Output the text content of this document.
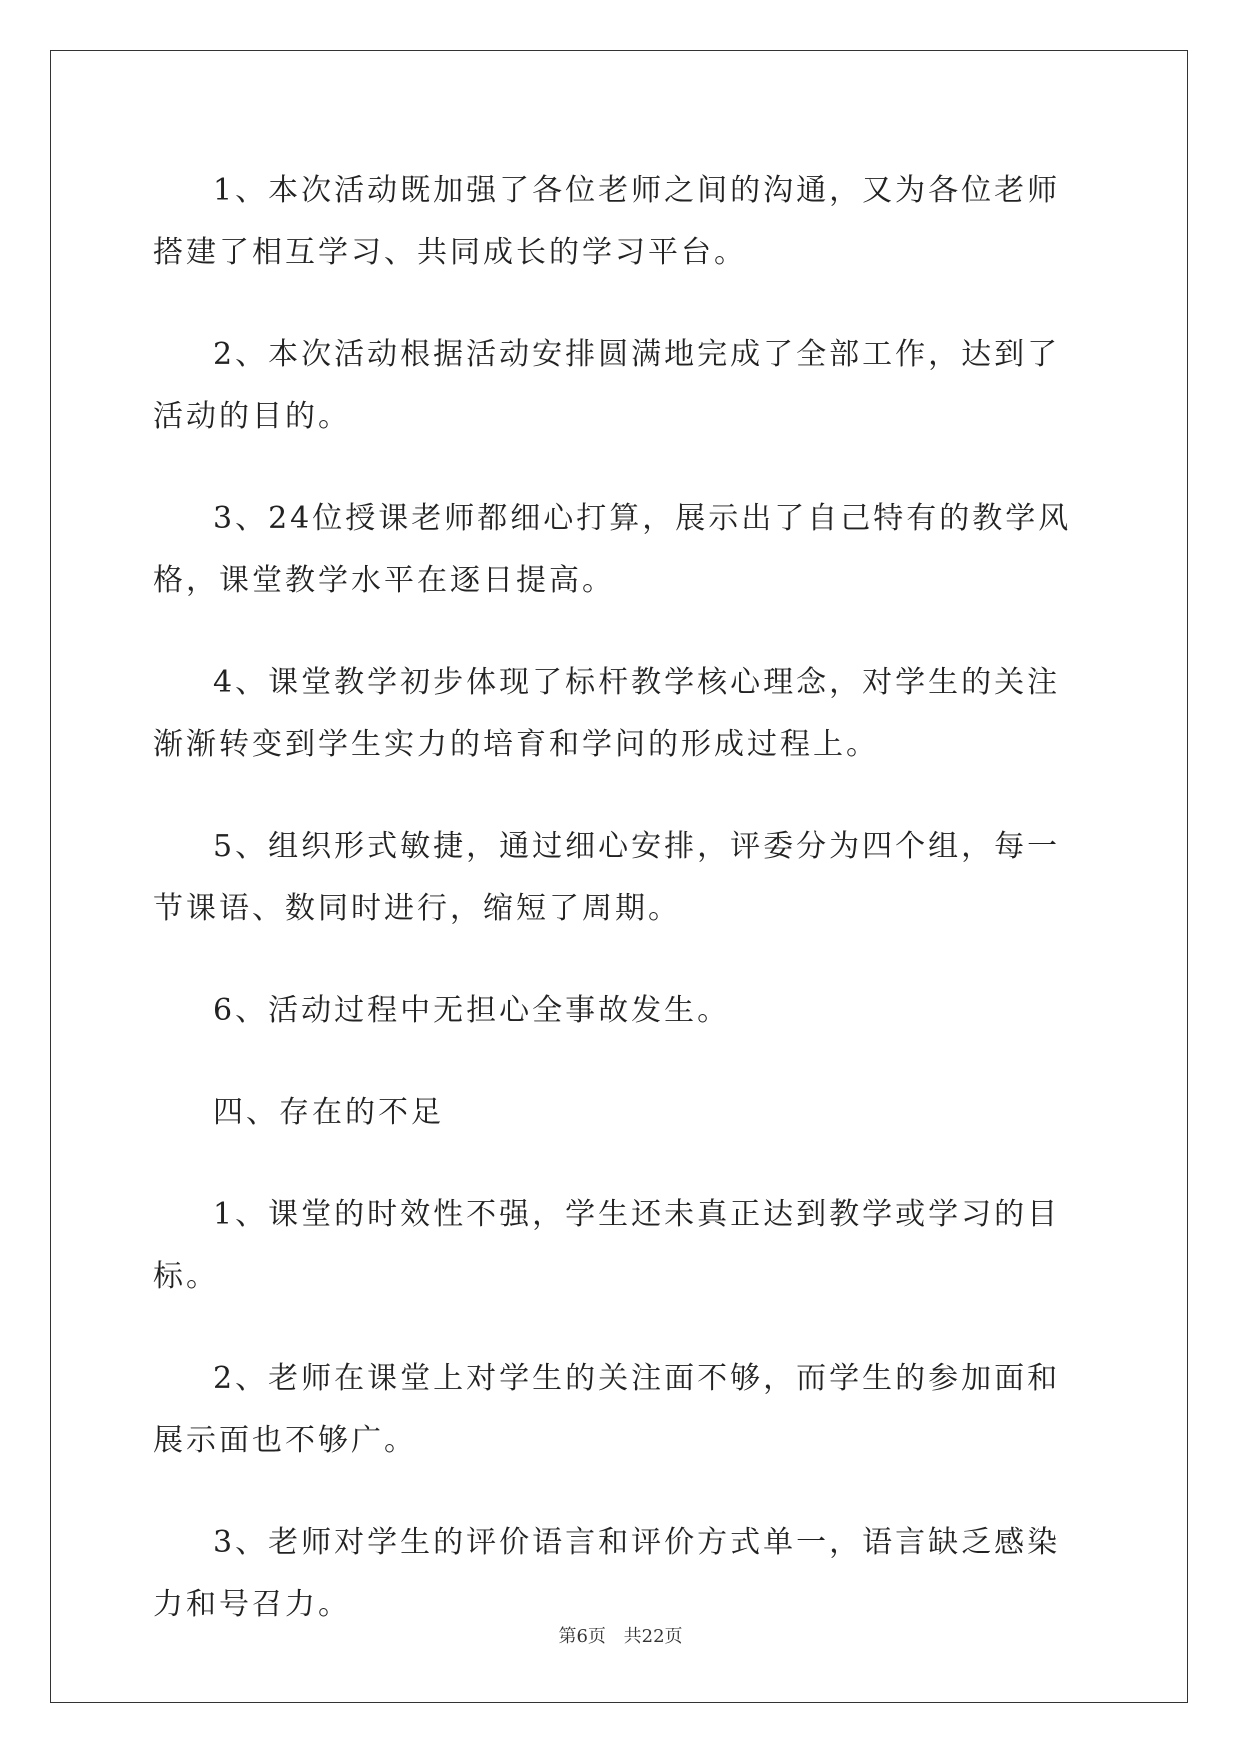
1、本次活动既加强了各位老师之间的沟通，又为各位老师搭建了相互学习、共同成长的学习平台。

2、本次活动根据活动安排圆满地完成了全部工作，达到了活动的目的。

3、24位授课老师都细心打算，展示出了自己特有的教学风格，课堂教学水平在逐日提高。

4、课堂教学初步体现了标杆教学核心理念，对学生的关注渐渐转变到学生实力的培育和学问的形成过程上。

5、组织形式敏捷，通过细心安排，评委分为四个组，每一节课语、数同时进行，缩短了周期。

6、活动过程中无担心全事故发生。

四、存在的不足

1、课堂的时效性不强，学生还未真正达到教学或学习的目标。

2、老师在课堂上对学生的关注面不够，而学生的参加面和展示面也不够广。

3、老师对学生的评价语言和评价方式单一，语言缺乏感染力和号召力。

第6页 共22页
